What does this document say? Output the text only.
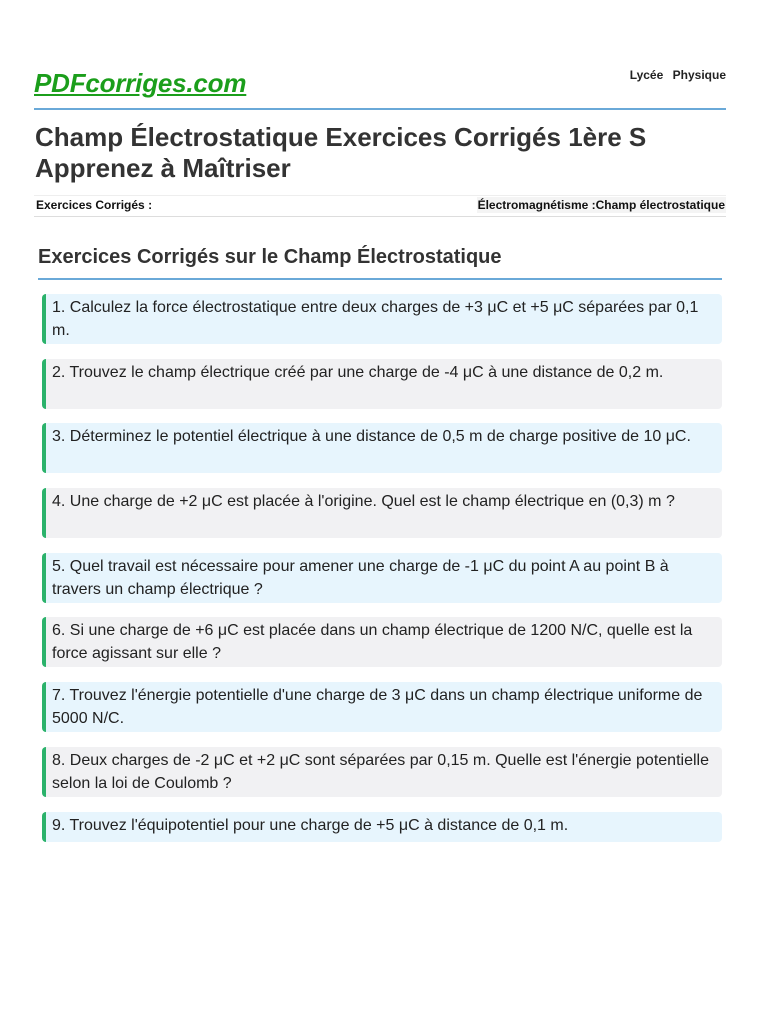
PDFcorriges.com	Lycée Physique
Champ Électrostatique Exercices Corrigés 1ère S
Apprenez à Maîtriser
Exercices Corrigés :	Électromagnétisme :Champ électrostatique
Exercices Corrigés sur le Champ Électrostatique
1. Calculez la force électrostatique entre deux charges de +3 μC et +5 μC séparées par 0,1 m.
2. Trouvez le champ électrique créé par une charge de -4 μC à une distance de 0,2 m.
3. Déterminez le potentiel électrique à une distance de 0,5 m de charge positive de 10 μC.
4. Une charge de +2 μC est placée à l'origine. Quel est le champ électrique en (0,3) m ?
5. Quel travail est nécessaire pour amener une charge de -1 μC du point A au point B à travers un champ électrique ?
6. Si une charge de +6 μC est placée dans un champ électrique de 1200 N/C, quelle est la force agissant sur elle ?
7. Trouvez l'énergie potentielle d'une charge de 3 μC dans un champ électrique uniforme de 5000 N/C.
8. Deux charges de -2 μC et +2 μC sont séparées par 0,15 m. Quelle est l'énergie potentielle selon la loi de Coulomb ?
9. Trouvez l'équipotentiel pour une charge de +5 μC à distance de 0,1 m.
